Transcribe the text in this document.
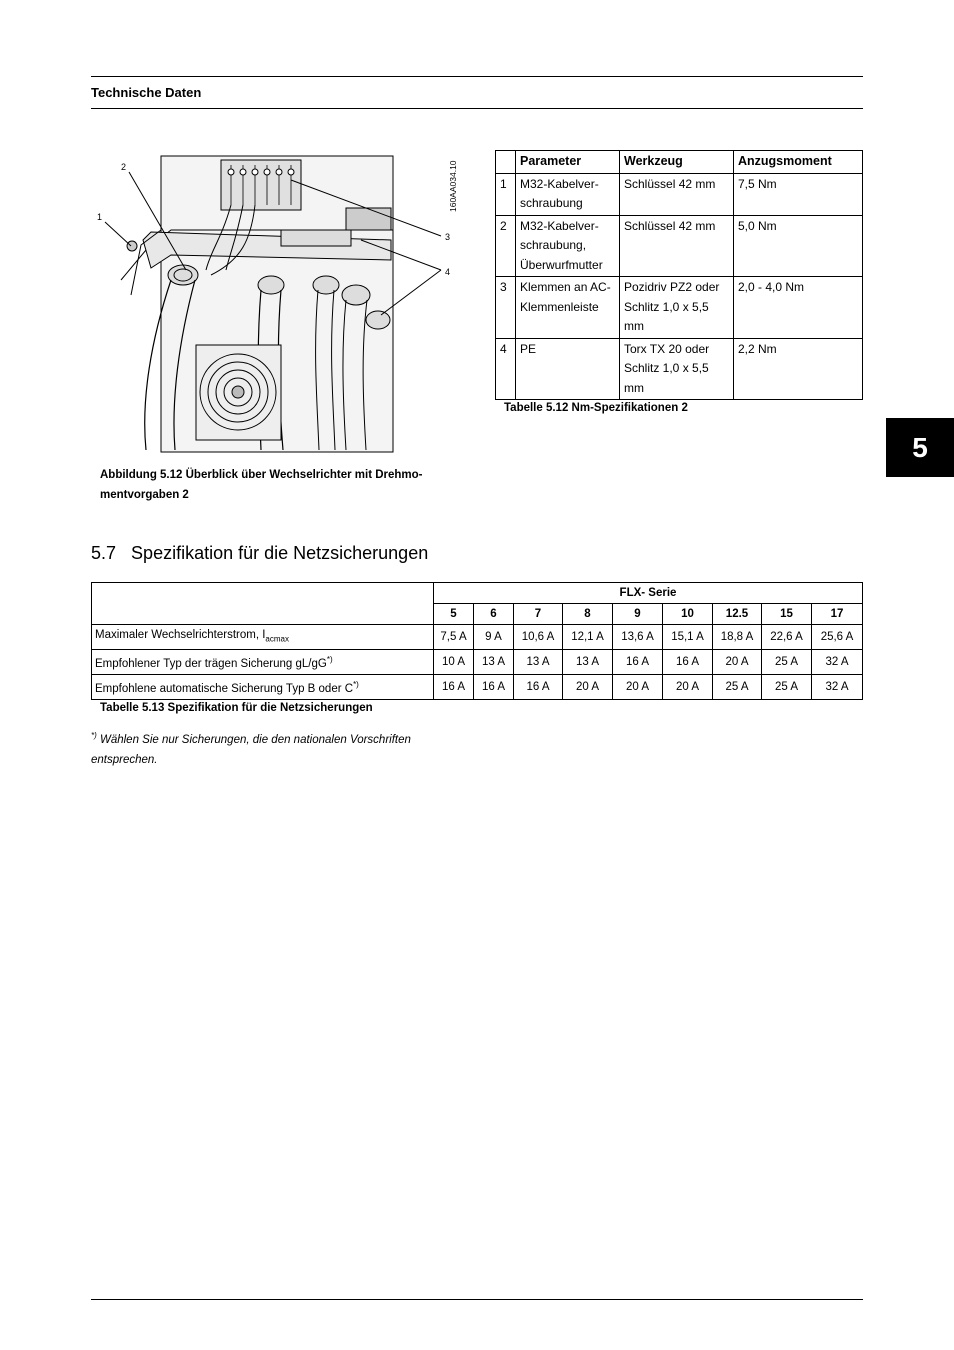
Technische Daten
5
1
2
3
4
160AA034.10
Abbildung 5.12 Überblick über Wechselrichter mit Drehmo-mentvorgaben 2
	Parameter	Werkzeug	Anzugsmoment
1	M32-Kabelver-schraubung	Schlüssel 42 mm	7,5 Nm
2	M32-Kabelver-schraubung, Überwurfmutter	Schlüssel 42 mm	5,0 Nm
3	Klemmen an AC-Klemmenleiste	Pozidriv PZ2 oder Schlitz 1,0 x 5,5 mm	2,0 - 4,0 Nm
4	PE	Torx TX 20 oder Schlitz 1,0 x 5,5 mm	2,2 Nm
Tabelle 5.12 Nm-Spezifikationen 2
5.7 Spezifikation für die Netzsicherungen
	FLX- Serie								
	5	6	7	8	9	10	12.5	15	17
Maximaler Wechselrichterstrom, $I_{acmax}$	7,5 A	9 A	10,6 A	12,1 A	13,6 A	15,1 A	18,8 A	22,6 A	25,6 A
Empfohlener Typ der trägen Sicherung gL/gG*)	10 A	13 A	13 A	13 A	16 A	16 A	20 A	25 A	32 A
Empfohlene automatische Sicherung Typ B oder C*)	16 A	16 A	16 A	20 A	20 A	20 A	25 A	25 A	32 A
Tabelle 5.13 Spezifikation für die Netzsicherungen
*) Wählen Sie nur Sicherungen, die den nationalen Vorschriften entsprechen.
